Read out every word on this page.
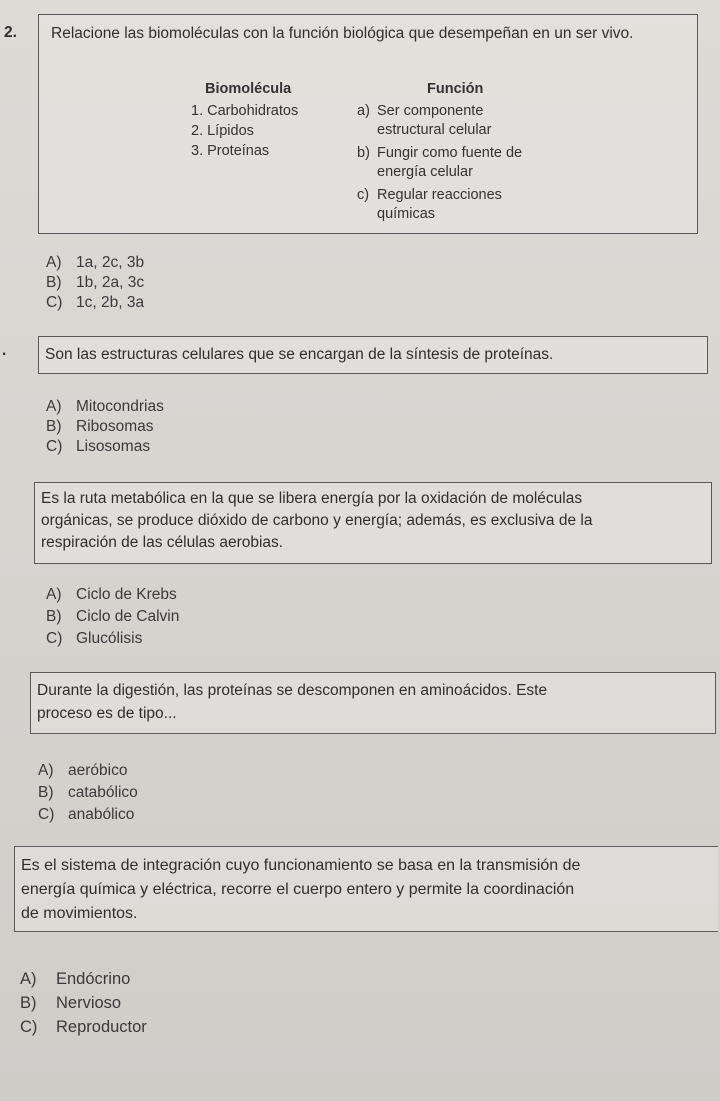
2. Relacione las biomoléculas con la función biológica que desempeñan en un ser vivo.
Biomolécula	Función
1. Carbohidratos
2. Lípidos
3. Proteínas
a) Ser componente
estructural celular
b) Fungir como fuente de
energía celular
c) Regular reacciones
químicas
A) 1a, 2c, 3b
B) 1b, 2a, 3c
C) 1c, 2b, 3a
. Son las estructuras celulares que se encargan de la síntesis de proteínas.
A) Mitocondrias
B) Ribosomas
C) Lisosomas
Es la ruta metabólica en la que se libera energía por la oxidación de moléculas
orgánicas, se produce dióxido de carbono y energía; además, es exclusiva de la
respiración de las células aerobias.
A) Ciclo de Krebs
B) Ciclo de Calvin
C) Glucólisis
Durante la digestión, las proteínas se descomponen en aminoácidos. Este
proceso es de tipo...
A) aeróbico
B) catabólico
C) anabólico
Es el sistema de integración cuyo funcionamiento se basa en la transmisión de
energía química y eléctrica, recorre el cuerpo entero y permite la coordinación
de movimientos.
A) Endócrino
B) Nervioso
C) Reproductor
